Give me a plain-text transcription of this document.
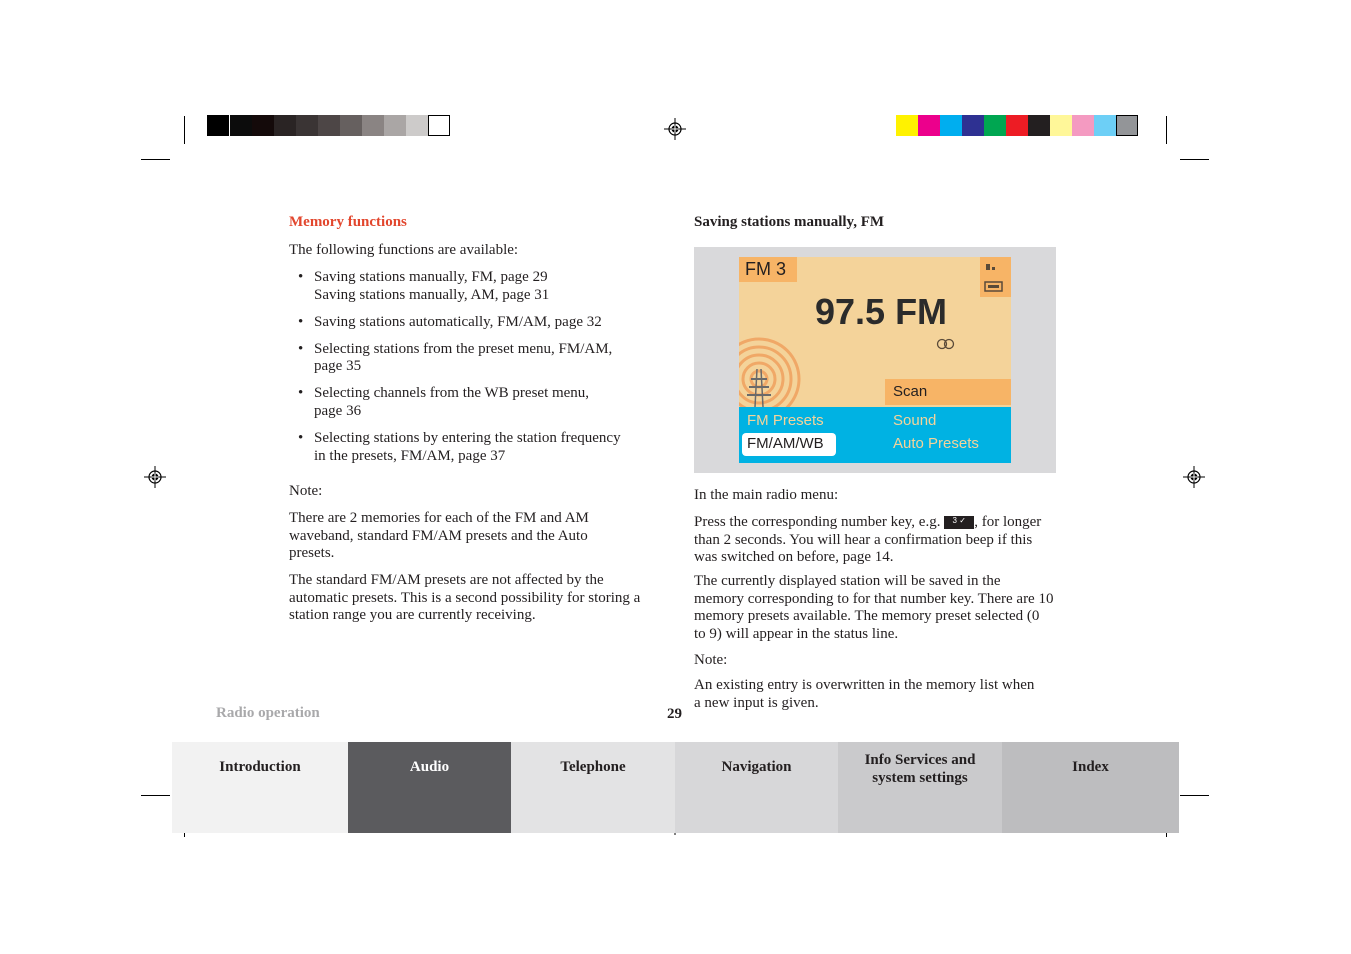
Memory functions

The following functions are available:

• Saving stations manually, FM, page 29
Saving stations manually, AM, page 31
• Saving stations automatically, FM/AM, page 32
• Selecting stations from the preset menu, FM/AM,
page 35
• Selecting channels from the WB preset menu,
page 36
• Selecting stations by entering the station frequency
in the presets, FM/AM, page 37

Note:

There are 2 memories for each of the FM and AM waveband, standard FM/AM presets and the Auto presets.

The standard FM/AM presets are not affected by the automatic presets. This is a second possibility for storing a station range you are currently receiving.

Saving stations manually, FM
FM 3
97.5 FM
Scan
FM Presets
FM/AM/WB
Sound
Auto Presets

In the main radio menu:

Press the corresponding number key, e.g. 3 ✓ , for longer than 2 seconds. You will hear a confirmation beep if this was switched on before, page 14.

The currently displayed station will be saved in the memory corresponding to for that number key. There are 10 memory presets available. The memory preset selected (0 to 9) will appear in the status line.

Note:

An existing entry is overwritten in the memory list when a new input is given.

Radio operation	29
Introduction	Audio	Telephone	Navigation	Info Services and system settings
Index
